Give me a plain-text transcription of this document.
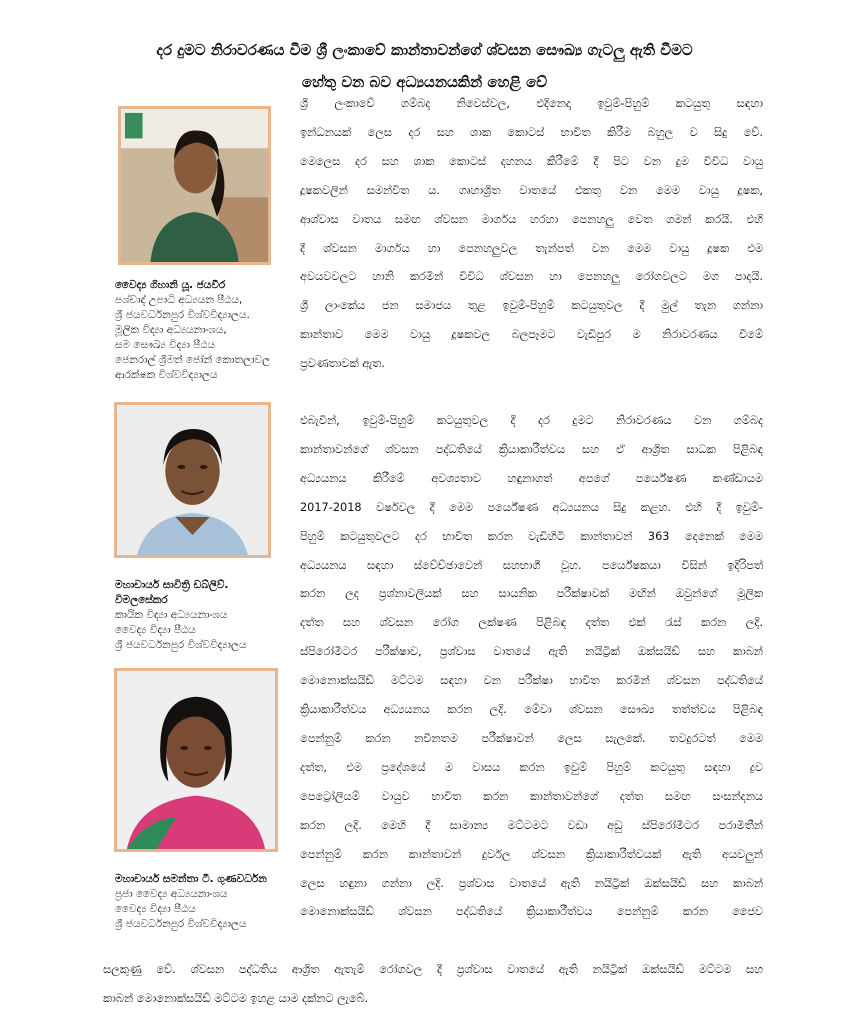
දර දුමට නිරාවරණය වීම ශ්‍රී ලංකාවේ කාන්තාවන්ගේ ශ්වසන සෞඛ්‍ය ගැටලු ඇති වීමට
හේතු වන බව අධ්‍යයනයකින් හෙළි වේ
වෛද්‍ය ගිහානි යූ. ජයවීර
පශ්චාද් උපාධි අධ්‍යයන පීඨය,
ශ්‍රී ජයවර්ධනපුර විශ්වවිද්‍යාලය.
මූලික විද්‍යා අධ්‍යයනාංශය,
සම සෞඛ්‍ය විද්‍යා පීඨය
ජෙනරාල් ශ්‍රීමත් ජෝන් කොතලාවල
ආරක්ෂක විශ්වවිද්‍යාලය
මහාචාර්ය සාවිත්‍රි ඩබ්ලිව්.
විමලසේකර
කායික විද්‍යා අධ්‍යයනාංශය
වෛද්‍ය විද්‍යා පීඨය
ශ්‍රී ජයවර්ධනපුර විශ්වවිද්‍යාලය
මහාචාර්ය සමන්තා ටී. ගුණවර්ධන
ප්‍රජා වෛද්‍ය අධ්‍යයනාංශය
වෛද්‍ය විද්‍යා පීඨය
ශ්‍රී ජයවර්ධනපුර විශ්වවිද්‍යාලය
ශ්‍රී ලංකාවේ ගම්බද නිවෙස්වල, එදිනෙදා ඉවුම්-පිහුම් කටයුතු සඳහා
ඉන්ධනයක් ලෙස දර සහ ශාක කොටස් භාවිත කිරීම බහුල ව සිදු වේ.
මෙලෙස දර සහ ශාක කොටස් දහනය කිරීමේ දී පිට වන දුම විවිධ වායු
දූෂකවලින් සමන්විත ය. ගෘහාශ්‍රිත වාතයේ එකතු වන මෙම වායු දූෂක,
ආශ්වාස වාතය සමඟ ශ්වසන මාර්ගය හරහා පෙනහලු වෙත ගමන් කරයි. එහි
දී ශ්වසන මාර්ගය හා පෙනහලුවල තැන්පත් වන මෙම වායු දූෂක එම
අවයවවලට හානි කරමින් විවිධ ශ්වසන හා පෙනහලු රෝගවලට මග පාදයි.
ශ්‍රී ලාංකේය ජන සමාජය තුළ ඉවුම්-පිහුම් කටයුතුවල දී මුල් තැන ගන්නා
කාන්තාව මෙම වායු දූෂකවල බලපෑමට වැඩිපුර ම නිරාවරණය වීමේ
ප්‍රවණතාවක් ඇත.
එබැවින්, ඉවුම්-පිහුම් කටයුතුවල දී දර දුමට නිරාවරණය වන ගම්බද
කාන්තාවන්ගේ ශ්වසන පද්ධතියේ ක්‍රියාකාරීත්වය සහ ඒ ආශ්‍රිත සාධක පිළිබඳ
අධ්‍යයනය කිරීමේ අවශ්‍යතාව හඳුනාගත් අපගේ පර්යේෂණ කණ්ඩායම
2017-2018 වර්ෂවල දී මෙම පර්යේෂණ අධ්‍යයනය සිදු කළහ. එහි දී ඉවුම්-
පිහුම් කටයුතුවලට දර භාවිත කරන වැඩිහිටි කාන්තාවන් 363 දෙනෙක් මෙම
අධ්‍යයනය සඳහා ස්වේච්ඡාවෙන් සහභාගී වූහ. පර්යේෂකයා විසින් ඉදිරිපත්
කරන ලද ප්‍රශ්නාවලියක් සහ සායනික පරීක්ෂාවක් මඟින් ඔවුන්ගේ මූලික
දත්ත සහ ශ්වසන රෝග ලක්ෂණ පිළිබඳ දත්ත එක් රැස් කරන ලදි.
ස්පිරෝමීටර පරීක්ෂාව, ප්‍රශ්වාස වාතයේ ඇති නයිට්‍රික් ඔක්සයිඩ් සහ කාබන්
මොනොක්සයිඩ් මට්ටම සඳහා වන පරීක්ෂා භාවිත කරමින් ශ්වසන පද්ධතියේ
ක්‍රියාකාරීත්වය අධ්‍යයනය කරන ලදි. මේවා ශ්වසන සෞඛ්‍ය තත්ත්වය පිළිබඳ
පෙන්නුම් කරන නවීනතම පරීක්ෂාවන් ලෙස සැලකේ. තවදුරටත් මෙම
දත්ත, එම ප්‍රදේශයේ ම වාසය කරන ඉවුම් පිහුම් කටයුතු සඳහා ද්‍රව
පෙට්‍රෝලියම් වායුව භාවිත කරන කාන්තාවන්ගේ දත්ත සමඟ සංසන්දනය
කරන ලදි. මෙහි දී සාමාන්‍ය මට්ටමට වඩා අඩු ස්පිරෝමීටර පරාමිතීන්
පෙන්නුම් කරන කාන්තාවන් දුර්වල ශ්වසන ක්‍රියාකාරීත්වයක් ඇති අයවලුන්
ලෙස හඳුනා ගන්නා ලදි. ප්‍රශ්වාස වාතයේ ඇති නයිට්‍රික් ඔක්සයිඩ් සහ කාබන්
මොනොක්සයිඩ් ශ්වසන පද්ධතියේ ක්‍රියාකාරීත්වය පෙන්නුම් කරන ජෛව
සලකුණු වේ. ශ්වසන පද්ධතිය ආශ්‍රිත ඇතැම් රෝගවල දී ප්‍රශ්වාස වාතයේ ඇති නයිට්‍රික් ඔක්සයිඩ් මට්ටම සහ
කාබන් මොනොක්සයිඩ් මට්ටම ඉහළ යාම දක්නට ලැබේ.
